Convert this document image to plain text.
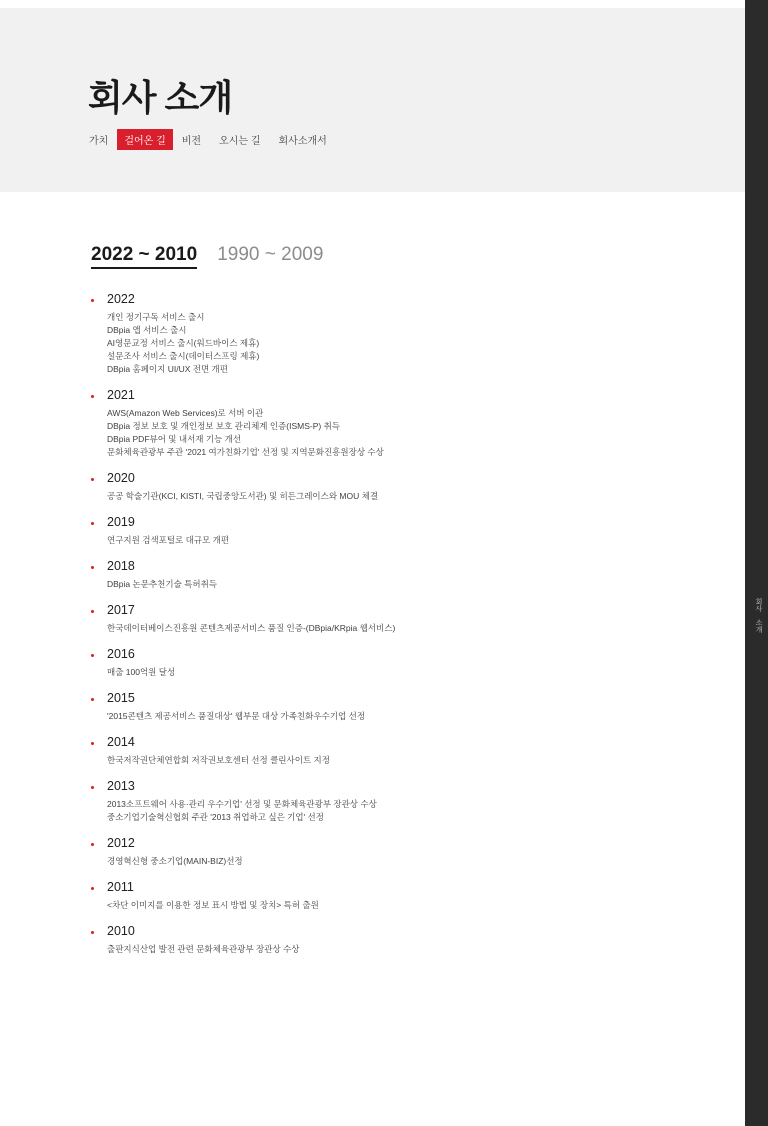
회사 소개
가치	걸어온 길	비전	오시는 길	회사소개서
2022 ~ 2010 1990 ~ 2009
2022
개인 정기구독 서비스 출시
DBpia 앱 서비스 출시
AI영문교정 서비스 출시(워드바이스 제휴)
설문조사 서비스 출시(데이터스프링 제휴)
DBpia 홈페이지 UI/UX 전면 개편
2021
AWS(Amazon Web Services)로 서버 이관
DBpia 정보 보호 및 개인정보 보호 관리체계 인증(ISMS-P) 취득
DBpia PDF뷰어 및 내서재 기능 개선
문화체육관광부 주관 '2021 여가친화기업' 선정 및 지역문화진흥원장상 수상
2020
공공 학술기관(KCI, KISTI, 국립중앙도서관) 및 히든그레이스와 MOU 체결
2019
연구지원 검색포털로 대규모 개편
2018
DBpia 논문추천기술 특허취득
2017
한국데이터베이스진흥원 콘텐츠제공서비스 품질 인증-(DBpia/KRpia 웹서비스)
2016
매출 100억원 달성
2015
'2015콘텐츠 제공서비스 품질대상' 웹부문 대상 가족친화우수기업 선정
2014
한국저작권단체연합회 저작권보호센터 선정 클린사이트 지정
2013
2013소프트웨어 사용·관리 우수기업' 선정 및 문화체육관광부 장관상 수상
중소기업기술혁신협회 주관 '2013 취업하고 싶은 기업' 선정
2012
경영혁신형 중소기업(MAIN-BIZ)선정
2011
<차단 이미지를 이용한 정보 표시 방법 및 장치> 특허 출원
2010
출판지식산업 발전 관련 문화체육관광부 장관상 수상
회사 소개
